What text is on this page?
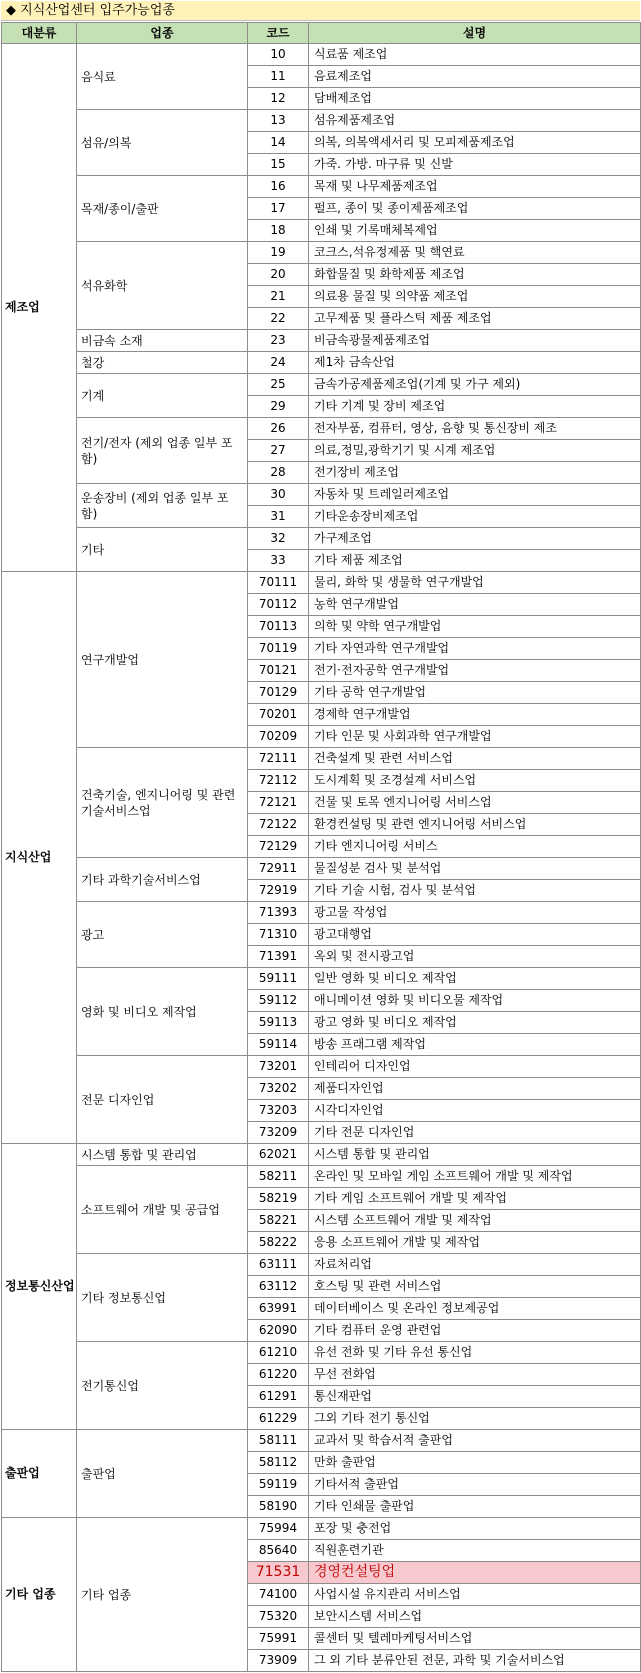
◆ 지식산업센터 입주가능업종
대분류	업종	코드	설명
제조업	음식료	10	식료품 제조업
		11	음료제조업
		12	담배제조업
	섬유/의복	13	섬유제품제조업
		14	의복, 의복액세서리 및 모피제품제조업
		15	가죽. 가방. 마구류 및 신발
	목재/종이/출판	16	목재 및 나무제품제조업
		17	펄프, 종이 및 종이제품제조업
		18	인쇄 및 기록매체복제업
	석유화학	19	코크스,석유정제품 및 핵연료
		20	화합물질 및 화학제품 제조업
		21	의료용 물질 및 의약품 제조업
		22	고무제품 및 플라스틱 제품 제조업
	비금속 소재	23	비금속광물제품제조업
	철강	24	제1차 금속산업
	기계	25	금속가공제품제조업(기계 및 가구 제외)
		29	기타 기계 및 장비 제조업
	전기/전자 (제외 업종 일부 포함)	26	전자부품, 컴퓨터, 영상, 음향 및 통신장비 제조
		27	의료,정밀,광학기기 및 시계 제조업
		28	전기장비 제조업
	운송장비 (제외 업종 일부 포함)	30	자동차 및 트레일러제조업
		31	기타운송장비제조업
	기타	32	가구제조업
		33	기타 제품 제조업
지식산업	연구개발업	70111	물리, 화학 및 생물학 연구개발업
		70112	농학 연구개발업
		70113	의학 및 약학 연구개발업
		70119	기타 자연과학 연구개발업
		70121	전기·전자공학 연구개발업
		70129	기타 공학 연구개발업
		70201	경제학 연구개발업
		70209	기타 인문 및 사회과학 연구개발업
	건축기술, 엔지니어링 및 관련 기술서비스업	72111	건축설계 및 관련 서비스업
		72112	도시계획 및 조경설계 서비스업
		72121	건물 및 토목 엔지니어링 서비스업
		72122	환경컨설팅 및 관련 엔지니어링 서비스업
		72129	기타 엔지니어링 서비스
	기타 과학기술서비스업	72911	물질성분 검사 및 분석업
		72919	기타 기술 시험, 검사 및 분석업
	광고	71393	광고물 작성업
		71310	광고대행업
		71391	옥외 및 전시광고업
	영화 및 비디오 제작업	59111	일반 영화 및 비디오 제작업
		59112	애니메이션 영화 및 비디오물 제작업
		59113	광고 영화 및 비디오 제작업
		59114	방송 프래그램 제작업
	전문 디자인업	73201	인테리어 디자인업
		73202	제품디자인업
		73203	시각디자인업
		73209	기타 전문 디자인업
정보통신산업	시스템 통합 및 관리업	62021	시스템 통합 및 관리업
	소프트웨어 개발 및 공급업	58211	온라인 및 모바일 게임 소프트웨어 개발 및 제작업
		58219	기타 게임 소프트웨어 개발 및 제작업
		58221	시스템 소프트웨어 개발 및 제작업
		58222	응용 소프트웨어 개발 및 제작업
	기타 정보통신업	63111	자료처리업
		63112	호스팅 및 관련 서비스업
		63991	데이터베이스 및 온라인 정보제공업
		62090	기타 컴퓨터 운영 관련업
	전기통신업	61210	유선 전화 및 기타 유선 통신업
		61220	무선 전화업
		61291	통신재판업
		61229	그외 기타 전기 통신업
출판업	출판업	58111	교과서 및 학습서적 출판업
		58112	만화 출판업
		59119	기타서적 출판업
		58190	기타 인쇄물 출판업
기타 업종	기타 업종	75994	포장 및 충전업
		85640	직원훈련기관
		71531	경영컨설팅업
		74100	사업시설 유지관리 서비스업
		75320	보안시스템 서비스업
		75991	콜센터 및 텔레마케팅서비스업
		73909	그 외 기타 분류안된 전문, 과학 및 기술서비스업
